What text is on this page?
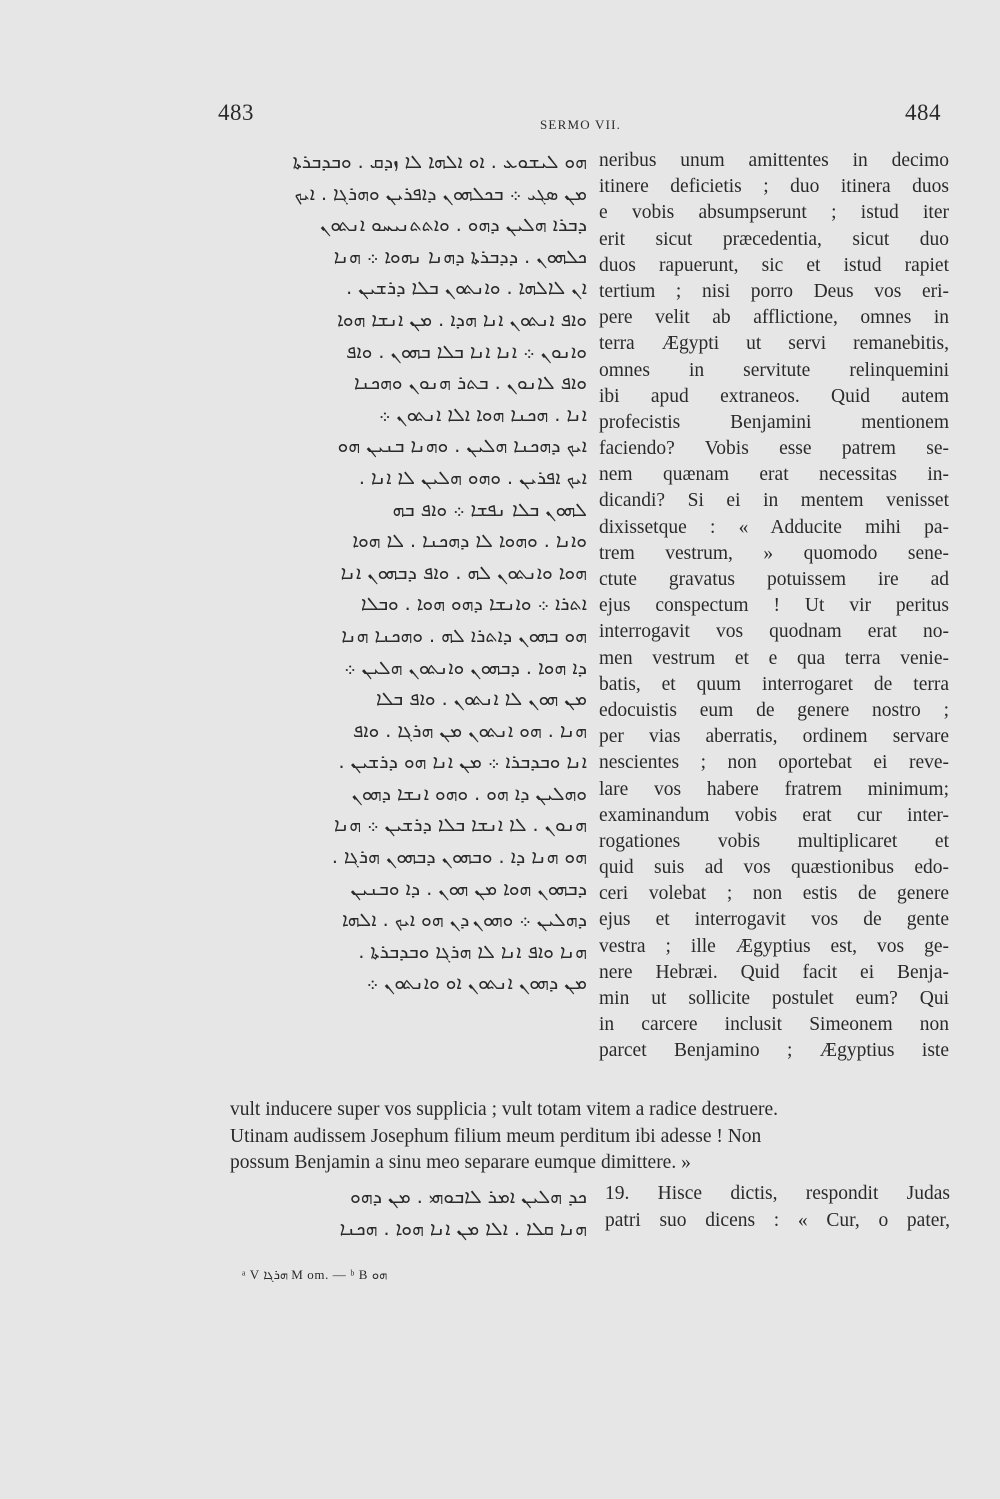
483	SERMO VII.	484
ܗܘ ܠܝܫܘܥ . ܐܘ ܐܠܗܐ ܠܐ ܙܕܩ . ܘܒܕܒܪܬܐ
ܡܢ ܣܓܝ ܀ ܒܟܠܗܘܢ ܕܐܦܪܝܢ ܘܗܪܓܐ . ܐܝܟ
ܕܒܪܐ ܗܠܝܢ ܕܗܘ . ܘܐܬܬܢܝܚܘ ܐܢܬܘܢ
ܟܠܗܘܢ . ܕܕܒܪܬܐ ܕܗܢܐ ܢܗܘܐ ܀ ܗܢܐ
ܐܢ ܠܐܠܗܐ . ܘܐܢܬܘܢ ܒܠܐ ܕܪܫܝܢ .
ܘܐܦ ܐܢܬܘܢ ܐܢܐ ܗܕܐ . ܡܢ ܐܢܫܐ ܗܘܐ
ܘܐܢܘܢ ܀ ܐܢܐ ܐܢܐ ܒܠܐ ܒܗܘܢ . ܘܐܦ
ܘܐܦ ܠܐܢܘܢ . ܒܬܪ ܗܢܘܢ ܘܗܟܢܐ
ܐܢܐ . ܗܟܢܐ ܗܘܐ ܐܠܐ ܐܢܬܘܢ ܀
ܐܝܟ ܕܗܟܢܐ ܗܠܝܢ . ܘܗܢܐ ܒܢܝܢ ܗܘ
ܐܝܟ ܐܦܪܝܢ . ܘܗܘ ܗܠܝܢ ܠܐ ܐܢܐ .
ܠܗܘܢ ܒܠܐ ܢܦܫܐ ܀ ܘܐܦ ܒܗ
ܘܐܢܐ . ܘܗܘܐ ܠܐ ܕܗܟܢܐ . ܠܐ ܗܘܐ
ܗܘܐ ܘܐܢܬܘܢ ܠܗ . ܘܐܦ ܕܒܗܘܢ ܐܢܐ
ܐܬܪܐ ܀ ܘܐܢܫܐ ܕܗܘ ܗܘܐ . ܘܒܠܐ
ܗܘ ܒܗܘܢ ܕܐܬܪܐ ܠܗ . ܘܗܟܢܐ ܗܢܐ
ܕܐ ܗܘܐ . ܕܒܗܘܢ ܘܐܢܬܘܢ ܗܠܝܢ ܀
ܡܢ ܗܘܢ ܠܐ ܐܢܬܘܢ . ܘܐܦ ܒܠܐ
ܗܢܐ . ܗܘ ܐܢܬܘܢ ܡܢ ܗܪܓܐ . ܘܐܦ
ܐܢܐ ܘܒܕܒܪܐ ܀ ܡܢ ܐܢܐ ܗܘ ܕܪܫܝܢ .
ܘܗܠܝܢ ܕܐ ܗܘ . ܘܗܘ ܐܢܫܐ ܕܗܘܢ
ܗܢܘܢ . ܠܐ ܐܢܫܐ ܒܠܐ ܕܪܫܝܢ ܀ ܗܢܐ
ܗܘ ܗܢܐ ܕܐ . ܘܒܗܘܢ ܕܒܗܘܢ ܗܪܓܐ .
ܕܒܗܘܢ ܗܘܐ ܡܢ ܗܘܢ . ܕܐ ܘܒܢܝܢ
ܕܗܠܝܢ ܀ ܘܗܘܢ ܕܢ ܗܘ ܐܝܟ . ܐܠܗܐ
ܗܢܐ ܘܐܦ ܐܢܐ ܠܐ ܗܪܓܐ ܘܒܕܒܪܬܐ .
ܡܢ ܕܗܘܢ ܐܢܬܘܢ ܐܘ ܘܐܢܬܘܢ ܀
neribus unum amittentes in decimo
itinere deficietis ; duo itinera duos
e vobis absumpserunt ; istud iter
erit sicut præcedentia, sicut duo
duos rapuerunt, sic et istud rapiet
tertium ; nisi porro Deus vos eri-
pere velit ab afflictione, omnes in
terra Ægypti ut servi remanebitis,
omnes in servitute relinquemini
ibi apud extraneos. Quid autem
profecistis Benjamini mentionem
faciendo? Vobis esse patrem se-
nem quænam erat necessitas in-
dicandi? Si ei in mentem venisset
dixissetque : « Adducite mihi pa-
trem vestrum, » quomodo sene-
ctute gravatus potuissem ire ad
ejus conspectum ! Ut vir peritus
interrogavit vos quodnam erat no-
men vestrum et e qua terra venie-
batis, et quum interrogaret de terra
edocuistis eum de genere nostro ;
per vias aberratis, ordinem servare
nescientes ; non oportebat ei reve-
lare vos habere fratrem minimum;
examinandum vobis erat cur inter-
rogationes vobis multiplicaret et
quid suis ad vos quæstionibus edo-
ceri volebat ; non estis de genere
ejus et interrogavit vos de gente
vestra ; ille Ægyptius est, vos ge-
nere Hebræi. Quid facit ei Benja-
min ut sollicite postulet eum? Qui
in carcere inclusit Simeonem non
parcet Benjamino ; Ægyptius iste
vult inducere super vos supplicia ; vult totam vitem a radice destruere.
Utinam audissem Josephum filium meum perditum ibi adesse ! Non
possum Benjamin a sinu meo separare eumque dimittere. »
ܟܕ ܗܠܝܢ ܐܡܪ ܠܐܒܘܗܝ . ܡܢ ܕܗܘ
ܗܢܐ ܩܠܐ . ܐܠܐ ܡܢ ܐܢܐ ܗܘܐ . ܗܟܢܐ
19. Hisce dictis, respondit Judas
patri suo dicens : « Cur, o pater,
ᵃ V ܗܪܓܐ M om. — ᵇ B ܗܘ
